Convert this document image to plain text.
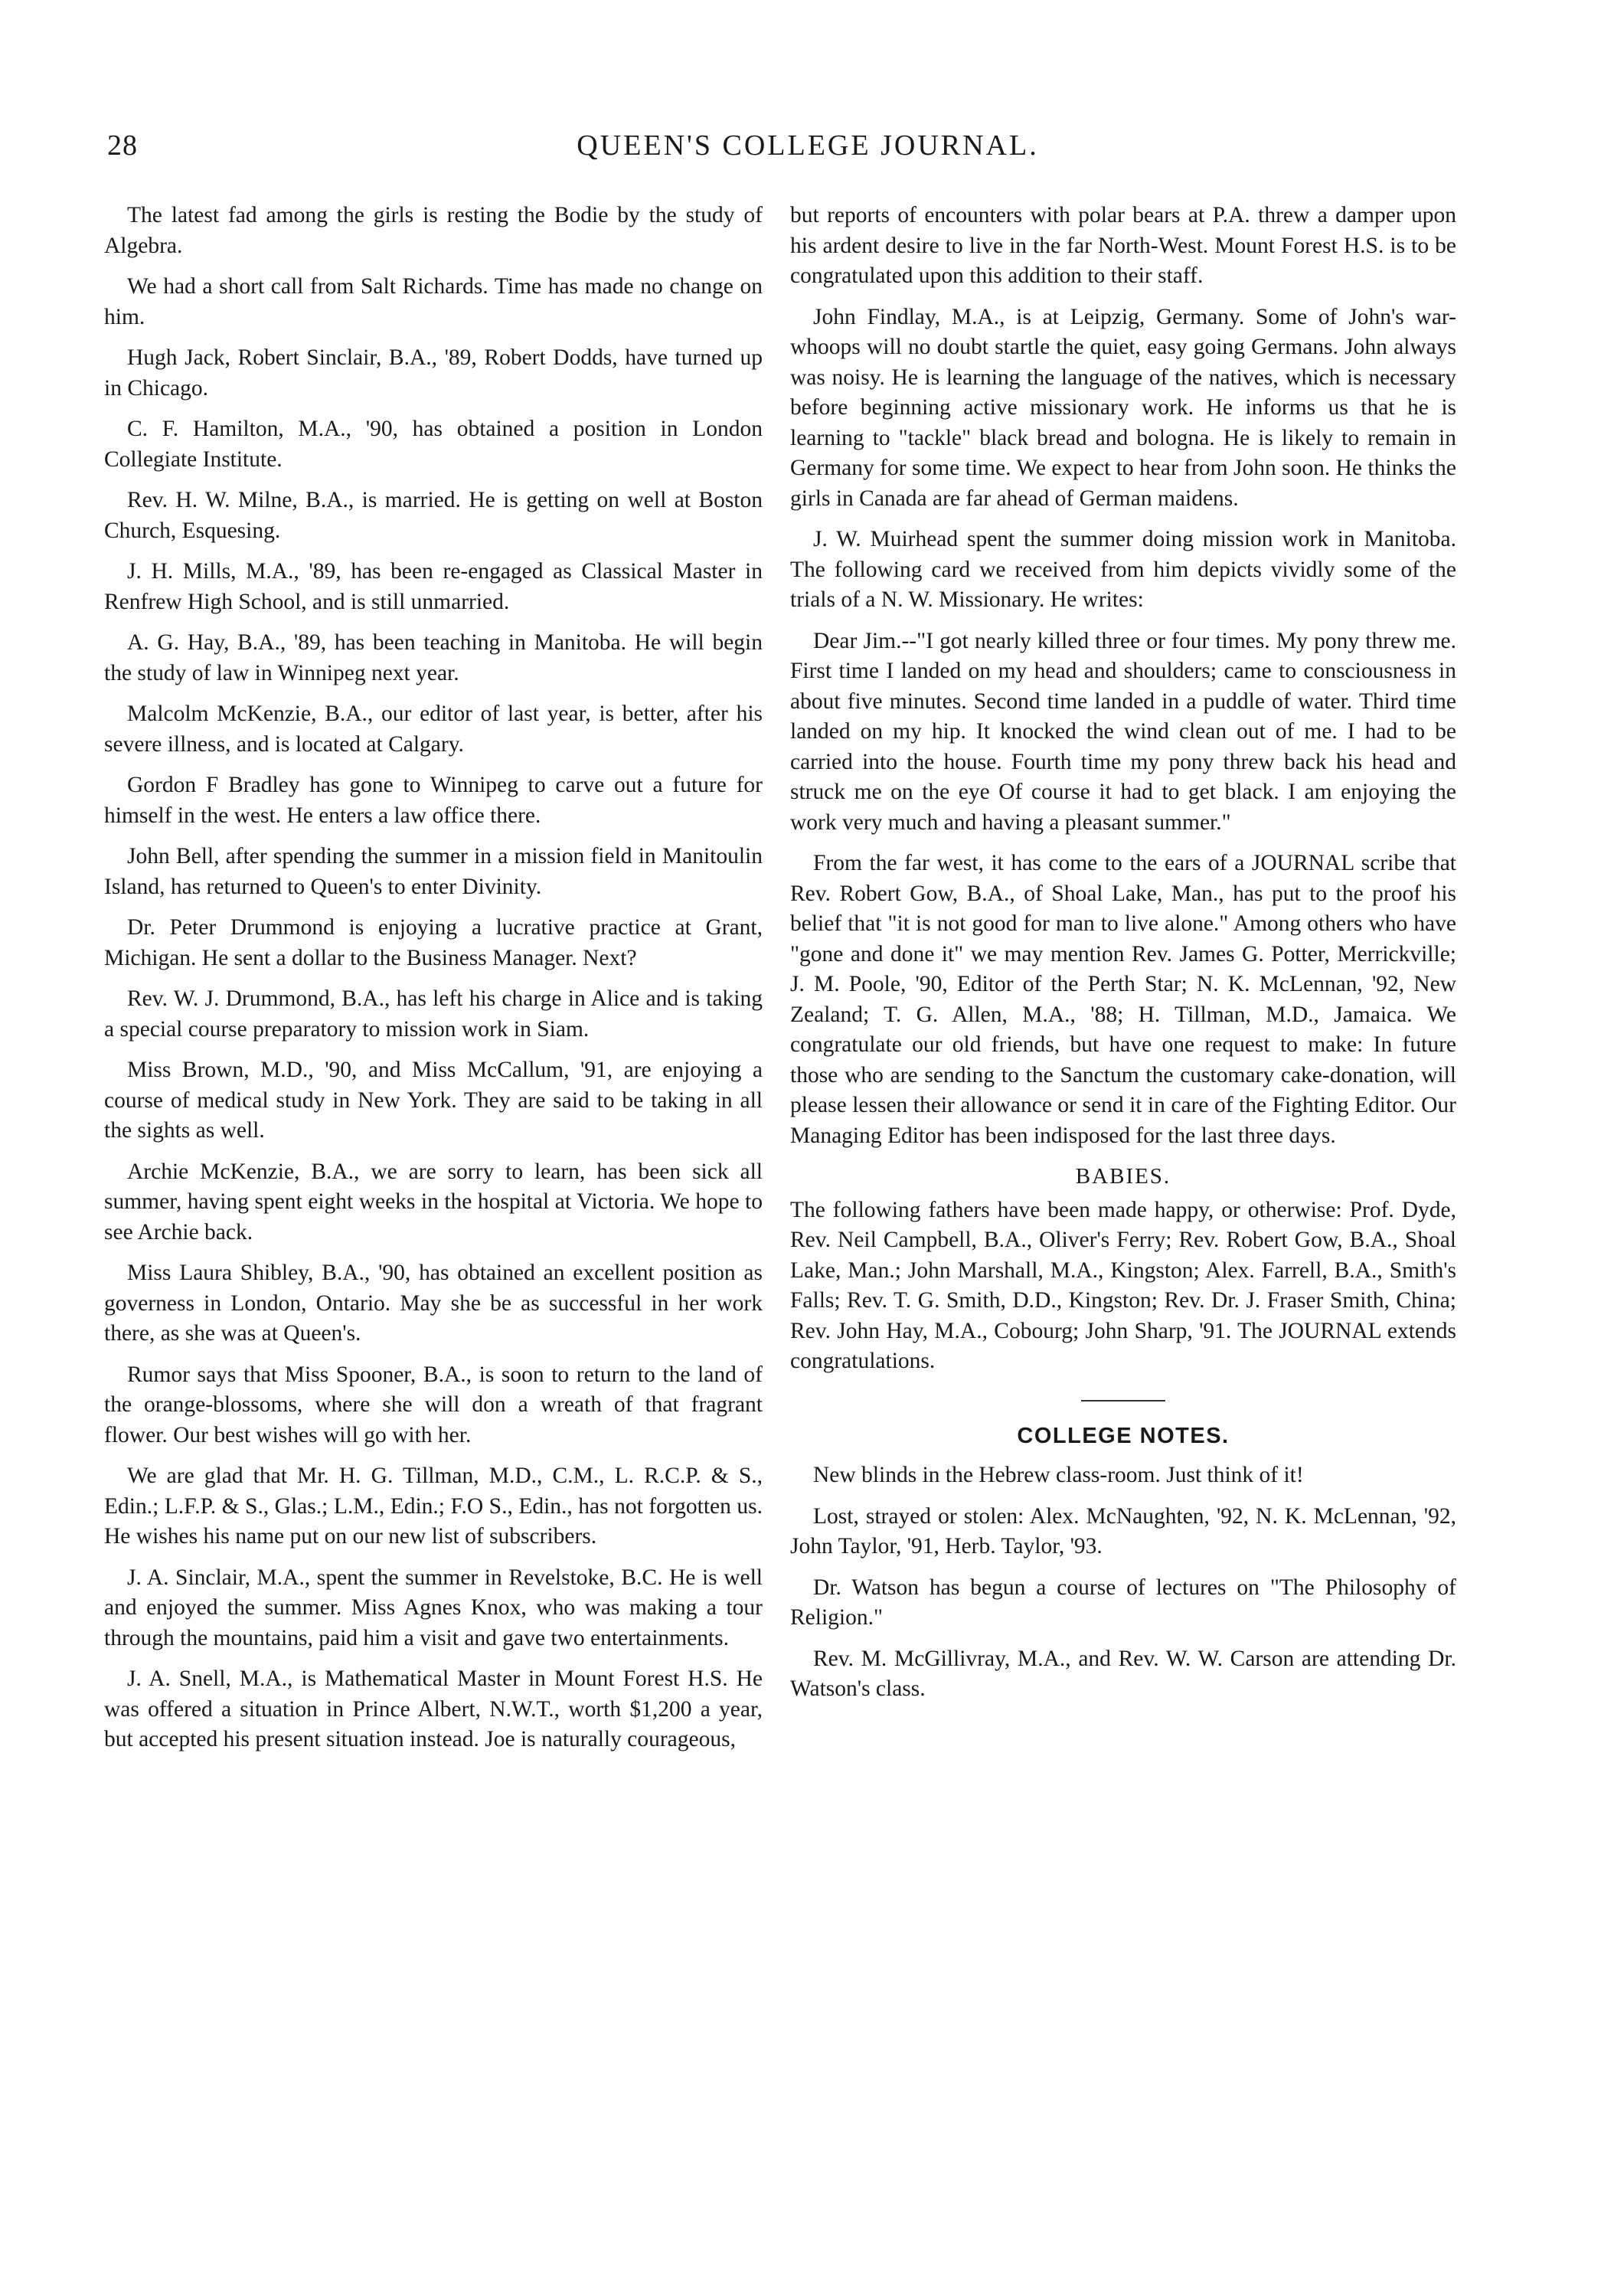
28	QUEEN'S COLLEGE JOURNAL.

The latest fad among the girls is resting the Bodie by the study of Algebra.

We had a short call from Salt Richards. Time has made no change on him.

Hugh Jack, Robert Sinclair, B.A., '89, Robert Dodds, have turned up in Chicago.

C. F. Hamilton, M.A., '90, has obtained a position in London Collegiate Institute.

Rev. H. W. Milne, B.A., is married. He is getting on well at Boston Church, Esquesing.

J. H. Mills, M.A., '89, has been re-engaged as Classical Master in Renfrew High School, and is still unmarried.

A. G. Hay, B.A., '89, has been teaching in Manitoba. He will begin the study of law in Winnipeg next year.

Malcolm McKenzie, B.A., our editor of last year, is better, after his severe illness, and is located at Calgary.

Gordon F Bradley has gone to Winnipeg to carve out a future for himself in the west. He enters a law office there.

John Bell, after spending the summer in a mission field in Manitoulin Island, has returned to Queen's to enter Divinity.

Dr. Peter Drummond is enjoying a lucrative practice at Grant, Michigan. He sent a dollar to the Business Manager. Next?

Rev. W. J. Drummond, B.A., has left his charge in Alice and is taking a special course preparatory to mission work in Siam.

Miss Brown, M.D., '90, and Miss McCallum, '91, are enjoying a course of medical study in New York. They are said to be taking in all the sights as well.

Archie McKenzie, B.A., we are sorry to learn, has been sick all summer, having spent eight weeks in the hospital at Victoria. We hope to see Archie back.

Miss Laura Shibley, B.A., '90, has obtained an excellent position as governess in London, Ontario. May she be as successful in her work there, as she was at Queen's.

Rumor says that Miss Spooner, B.A., is soon to return to the land of the orange-blossoms, where she will don a wreath of that fragrant flower. Our best wishes will go with her.

We are glad that Mr. H. G. Tillman, M.D., C.M., L. R.C.P. & S., Edin.; L.F.P. & S., Glas.; L.M., Edin.; F.O S., Edin., has not forgotten us. He wishes his name put on our new list of subscribers.

J. A. Sinclair, M.A., spent the summer in Revelstoke, B.C. He is well and enjoyed the summer. Miss Agnes Knox, who was making a tour through the mountains, paid him a visit and gave two entertainments.

J. A. Snell, M.A., is Mathematical Master in Mount Forest H.S. He was offered a situation in Prince Albert, N.W.T., worth $1,200 a year, but accepted his present situation instead. Joe is naturally courageous,

but reports of encounters with polar bears at P.A. threw a damper upon his ardent desire to live in the far North-West. Mount Forest H.S. is to be congratulated upon this addition to their staff.

John Findlay, M.A., is at Leipzig, Germany. Some of John's war-whoops will no doubt startle the quiet, easy going Germans. John always was noisy. He is learning the language of the natives, which is necessary before beginning active missionary work. He informs us that he is learning to "tackle" black bread and bologna. He is likely to remain in Germany for some time. We expect to hear from John soon. He thinks the girls in Canada are far ahead of German maidens.

J. W. Muirhead spent the summer doing mission work in Manitoba. The following card we received from him depicts vividly some of the trials of a N. W. Missionary. He writes:

Dear Jim.--"I got nearly killed three or four times. My pony threw me. First time I landed on my head and shoulders; came to consciousness in about five minutes. Second time landed in a puddle of water. Third time landed on my hip. It knocked the wind clean out of me. I had to be carried into the house. Fourth time my pony threw back his head and struck me on the eye Of course it had to get black. I am enjoying the work very much and having a pleasant summer."

From the far west, it has come to the ears of a JOURNAL scribe that Rev. Robert Gow, B.A., of Shoal Lake, Man., has put to the proof his belief that "it is not good for man to live alone." Among others who have "gone and done it" we may mention Rev. James G. Potter, Merrickville; J. M. Poole, '90, Editor of the Perth Star; N. K. McLennan, '92, New Zealand; T. G. Allen, M.A., '88; H. Tillman, M.D., Jamaica. We congratulate our old friends, but have one request to make: In future those who are sending to the Sanctum the customary cake-donation, will please lessen their allowance or send it in care of the Fighting Editor. Our Managing Editor has been indisposed for the last three days.

BABIES.

The following fathers have been made happy, or otherwise: Prof. Dyde, Rev. Neil Campbell, B.A., Oliver's Ferry; Rev. Robert Gow, B.A., Shoal Lake, Man.; John Marshall, M.A., Kingston; Alex. Farrell, B.A., Smith's Falls; Rev. T. G. Smith, D.D., Kingston; Rev. Dr. J. Fraser Smith, China; Rev. John Hay, M.A., Cobourg; John Sharp, '91. The JOURNAL extends congratulations.

COLLEGE NOTES.

New blinds in the Hebrew class-room. Just think of it!

Lost, strayed or stolen: Alex. McNaughten, '92, N. K. McLennan, '92, John Taylor, '91, Herb. Taylor, '93.

Dr. Watson has begun a course of lectures on "The Philosophy of Religion."

Rev. M. McGillivray, M.A., and Rev. W. W. Carson are attending Dr. Watson's class.
